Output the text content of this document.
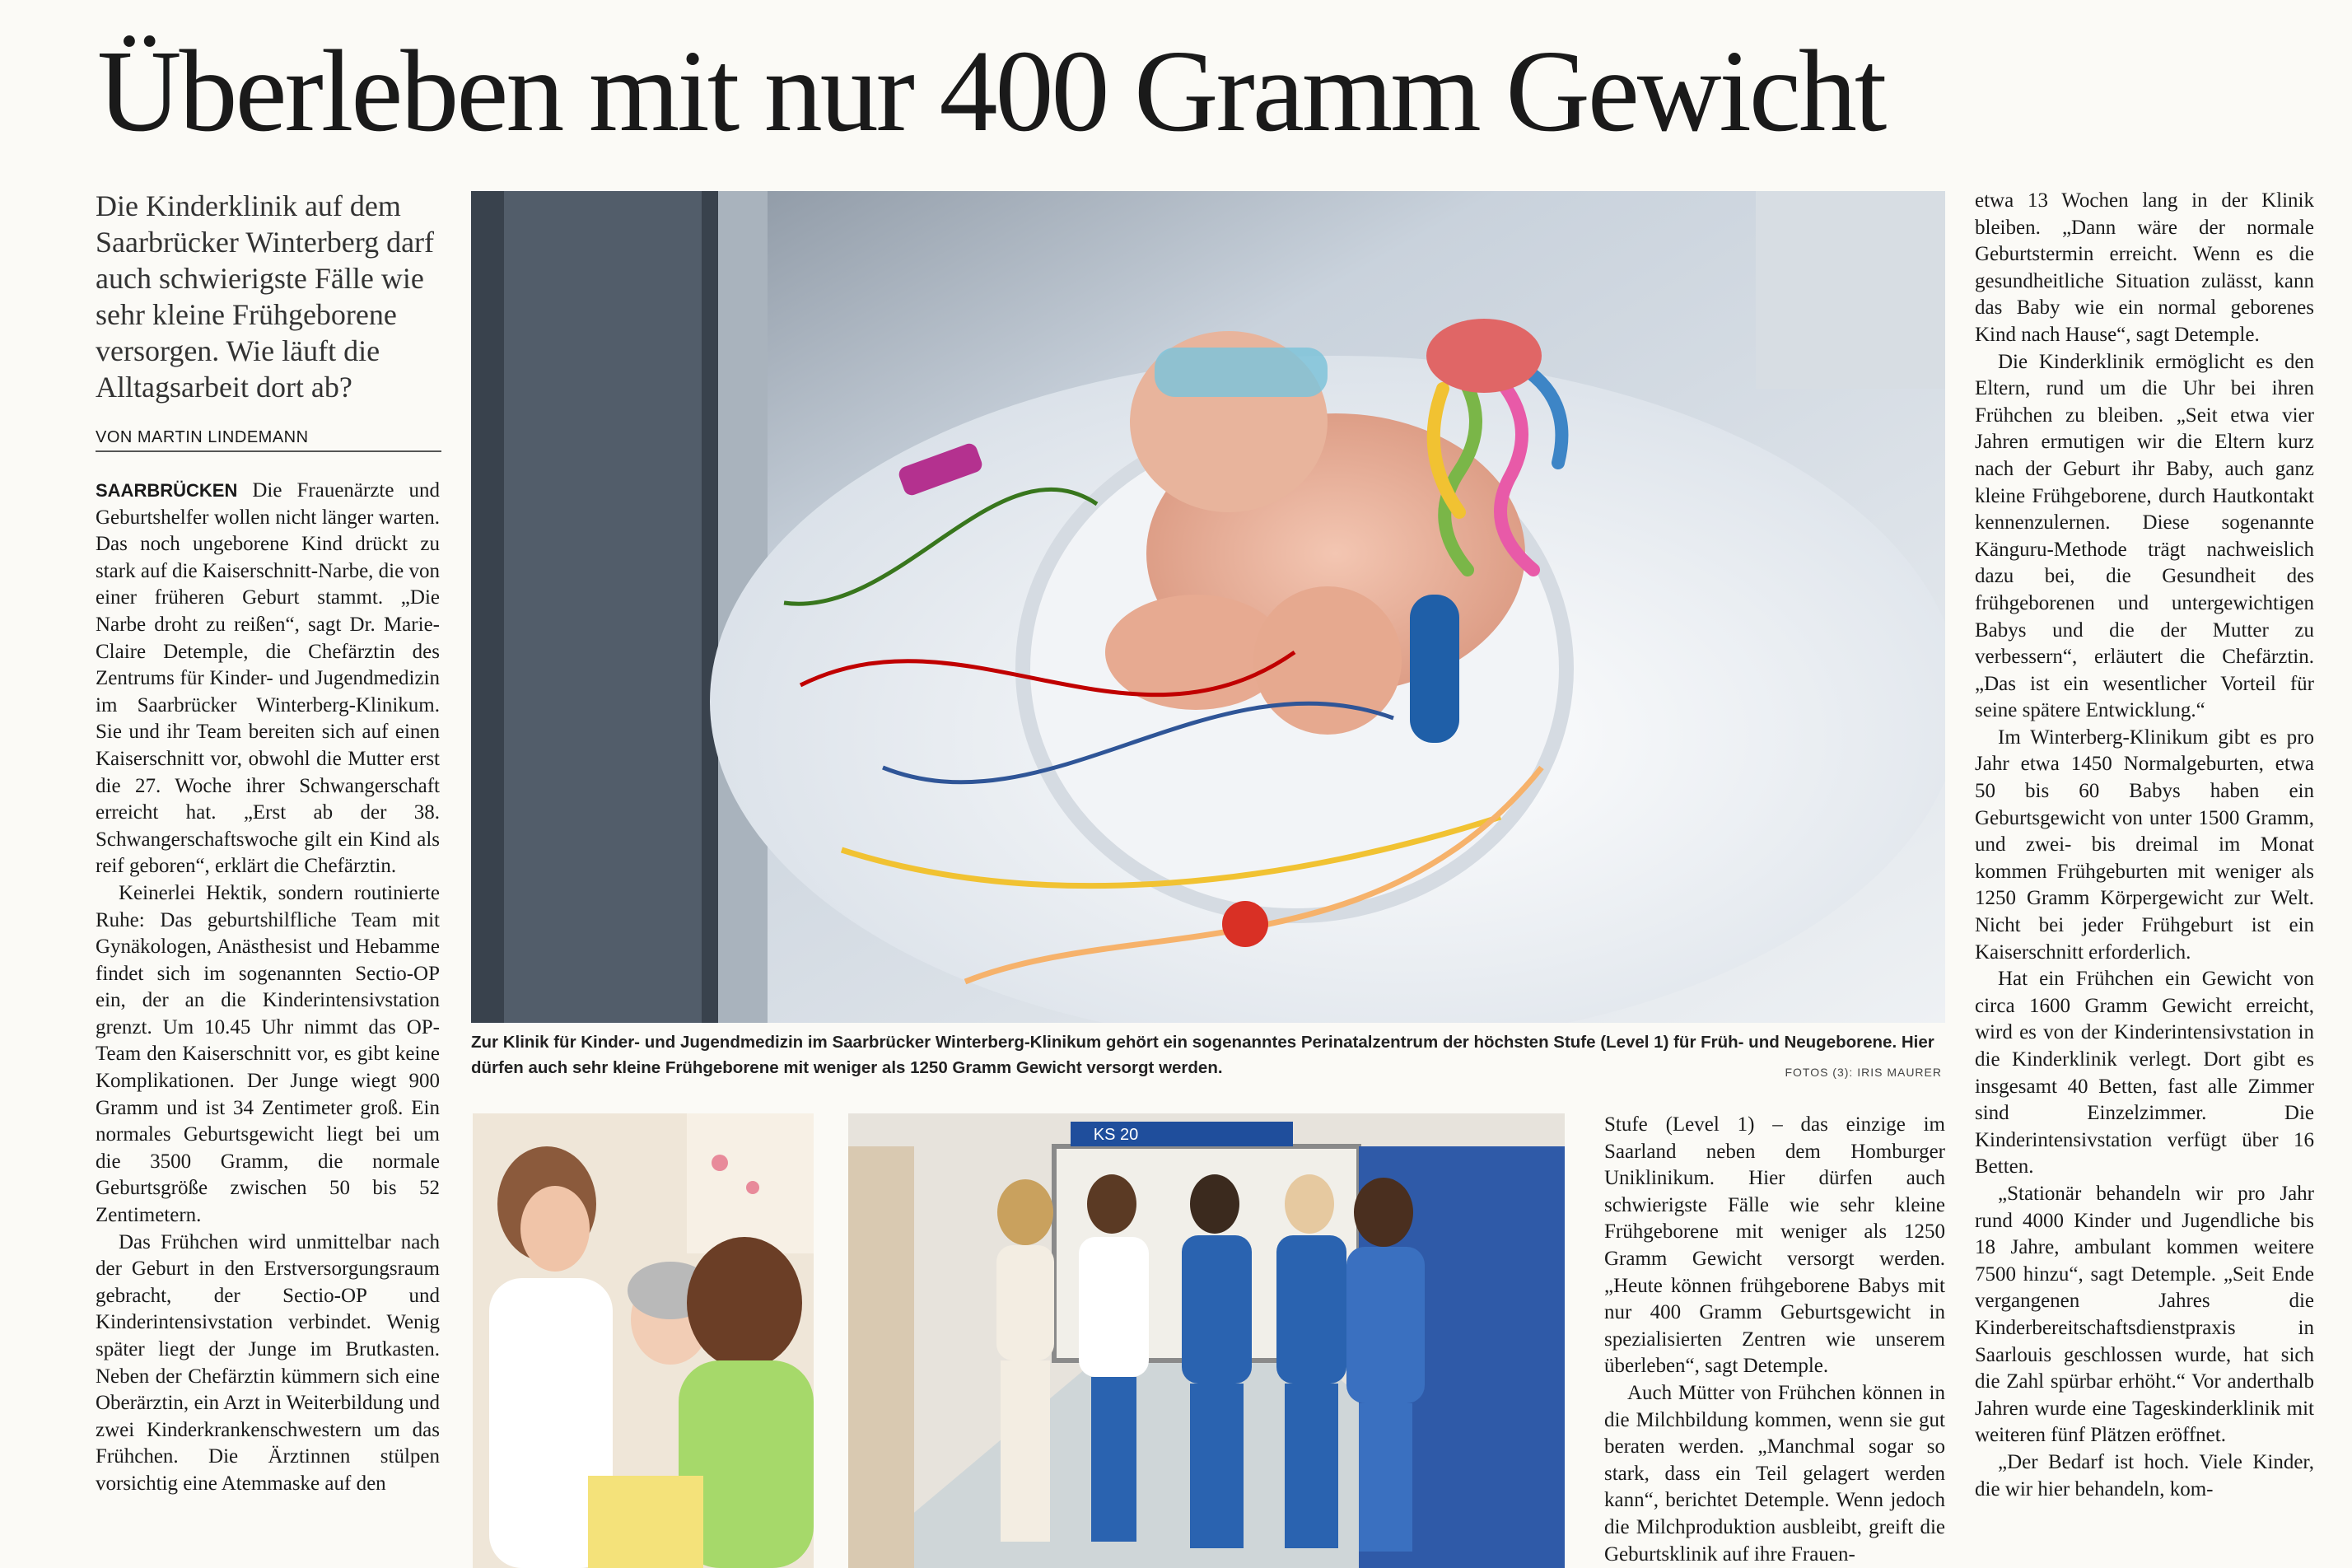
Überleben mit nur 400 Gramm Gewicht
Die Kinderklinik auf dem Saarbrücker Winterberg darf auch schwierigste Fälle wie sehr kleine Frühgeborene versorgen. Wie läuft die Alltagsarbeit dort ab?
VON MARTIN LINDEMANN

SAARBRÜCKEN Die Frauenärzte und Geburtshelfer wollen nicht länger warten. Das noch ungeborene Kind drückt zu stark auf die Kaiserschnitt-Narbe, die von einer früheren Geburt stammt. „Die Narbe droht zu reißen“, sagt Dr. Marie-Claire Detemple, die Chefärztin des Zentrums für Kinder- und Jugendmedizin im Saarbrücker Winterberg-Klinikum. Sie und ihr Team bereiten sich auf einen Kaiserschnitt vor, obwohl die Mutter erst die 27. Woche ihrer Schwangerschaft erreicht hat. „Erst ab der 38. Schwangerschaftswoche gilt ein Kind als reif geboren“, erklärt die Chefärztin.

Keinerlei Hektik, sondern routinierte Ruhe: Das geburtshilfliche Team mit Gynäkologen, Anästhesist und Hebamme findet sich im sogenannten Sectio-OP ein, der an die Kinderintensivstation grenzt. Um 10.45 Uhr nimmt das OP-Team den Kaiserschnitt vor, es gibt keine Komplikationen. Der Junge wiegt 900 Gramm und ist 34 Zentimeter groß. Ein normales Geburtsgewicht liegt bei um die 3500 Gramm, die normale Geburtsgröße zwischen 50 bis 52 Zentimetern.

Das Frühchen wird unmittelbar nach der Geburt in den Erstversorgungsraum gebracht, der Sectio-OP und Kinderintensivstation verbindet. Wenig später liegt der Junge im Brutkasten. Neben der Chefärztin kümmern sich eine Oberärztin, ein Arzt in Weiterbildung und zwei Kinderkrankenschwestern um das Frühchen. Die Ärztinnen stülpen vorsichtig eine Atemmaske auf den

Zur Klinik für Kinder- und Jugendmedizin im Saarbrücker Winterberg-Klinikum gehört ein sogenanntes Perinatalzentrum der höchsten Stufe (Level 1) für Früh- und Neugeborene. Hier dürfen auch sehr kleine Frühgeborene mit weniger als 1250 Gramm Gewicht versorgt werden.	FOTOS (3): IRIS MAURER
KS 20	Stufe (Level 1) – das einzige im Saarland neben dem Homburger Uniklinikum. Hier dürfen auch schwierigste Fälle wie sehr kleine Frühgeborene mit weniger als 1250 Gramm Gewicht versorgt werden. „Heute können frühgeborene Babys mit nur 400 Gramm Geburtsgewicht in spezialisierten Zentren wie unserem überleben“, sagt Detemple.

Auch Mütter von Frühchen können in die Milchbildung kommen, wenn sie gut beraten werden. „Manchmal sogar so stark, dass ein Teil gelagert werden kann“, berichtet Detemple. Wenn jedoch die Milchproduktion ausbleibt, greift die Geburtsklinik auf ihre Frauen-

etwa 13 Wochen lang in der Klinik bleiben. „Dann wäre der normale Geburtstermin erreicht. Wenn es die gesundheitliche Situation zulässt, kann das Baby wie ein normal geborenes Kind nach Hause“, sagt Detemple.

Die Kinderklinik ermöglicht es den Eltern, rund um die Uhr bei ihren Frühchen zu bleiben. „Seit etwa vier Jahren ermutigen wir die Eltern kurz nach der Geburt ihr Baby, auch ganz kleine Frühgeborene, durch Hautkontakt kennenzulernen. Diese sogenannte Känguru-Methode trägt nachweislich dazu bei, die Gesundheit des frühgeborenen und untergewichtigen Babys und die der Mutter zu verbessern“, erläutert die Chefärztin. „Das ist ein wesentlicher Vorteil für seine spätere Entwicklung.“

Im Winterberg-Klinikum gibt es pro Jahr etwa 1450 Normalgeburten, etwa 50 bis 60 Babys haben ein Geburtsgewicht von unter 1500 Gramm, und zwei- bis dreimal im Monat kommen Frühgeburten mit weniger als 1250 Gramm Körpergewicht zur Welt. Nicht bei jeder Frühgeburt ist ein Kaiserschnitt erforderlich.

Hat ein Frühchen ein Gewicht von circa 1600 Gramm Gewicht erreicht, wird es von der Kinderintensivstation in die Kinderklinik verlegt. Dort gibt es insgesamt 40 Betten, fast alle Zimmer sind Einzelzimmer. Die Kinderintensivstation verfügt über 16 Betten.

„Stationär behandeln wir pro Jahr rund 4000 Kinder und Jugendliche bis 18 Jahre, ambulant kommen weitere 7500 hinzu“, sagt Detemple. „Seit Ende vergangenen Jahres die Kinderbereitschaftsdienstpraxis in Saarlouis geschlossen wurde, hat sich die Zahl spürbar erhöht.“ Vor anderthalb Jahren wurde eine Tageskinderklinik mit weiteren fünf Plätzen eröffnet.

„Der Bedarf ist hoch. Viele Kinder, die wir hier behandeln, kom-
